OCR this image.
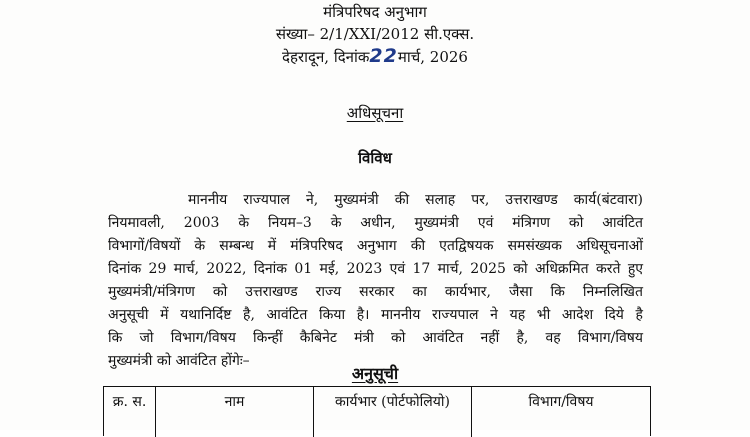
मंत्रिपरिषद अनुभाग
संख्या– 2/1/XXI/2012 सी.एक्स.
देहरादून, दिनांक22मार्च, 2026
अधिसूचना
विविध
माननीय राज्यपाल ने, मुख्यमंत्री की सलाह पर, उत्तराखण्ड कार्य(बंटवारा)
नियमावली, 2003 के नियम–3 के अधीन, मुख्यमंत्री एवं मंत्रिगण को आवंटित
विभागों/विषयों के सम्बन्ध में मंत्रिपरिषद अनुभाग की एतद्विषयक समसंख्यक अधिसूचनाओं
दिनांक 29 मार्च, 2022, दिनांक 01 मई, 2023 एवं 17 मार्च, 2025 को अधिक्रमित करते हुए
मुख्यमंत्री/मंत्रिगण को उत्तराखण्ड राज्य सरकार का कार्यभार, जैसा कि निम्नलिखित
अनुसूची में यथानिर्दिष्ट है, आवंटित किया है। माननीय राज्यपाल ने यह भी आदेश दिये है
कि जो विभाग/विषय किन्हीं कैबिनेट मंत्री को आवंटित नहीं है, वह विभाग/विषय
मुख्यमंत्री को आवंटित होंगेः–
अनुसूची
क्र. स.	नाम	कार्यभार (पोर्टफोलियो)	विभाग/विषय
